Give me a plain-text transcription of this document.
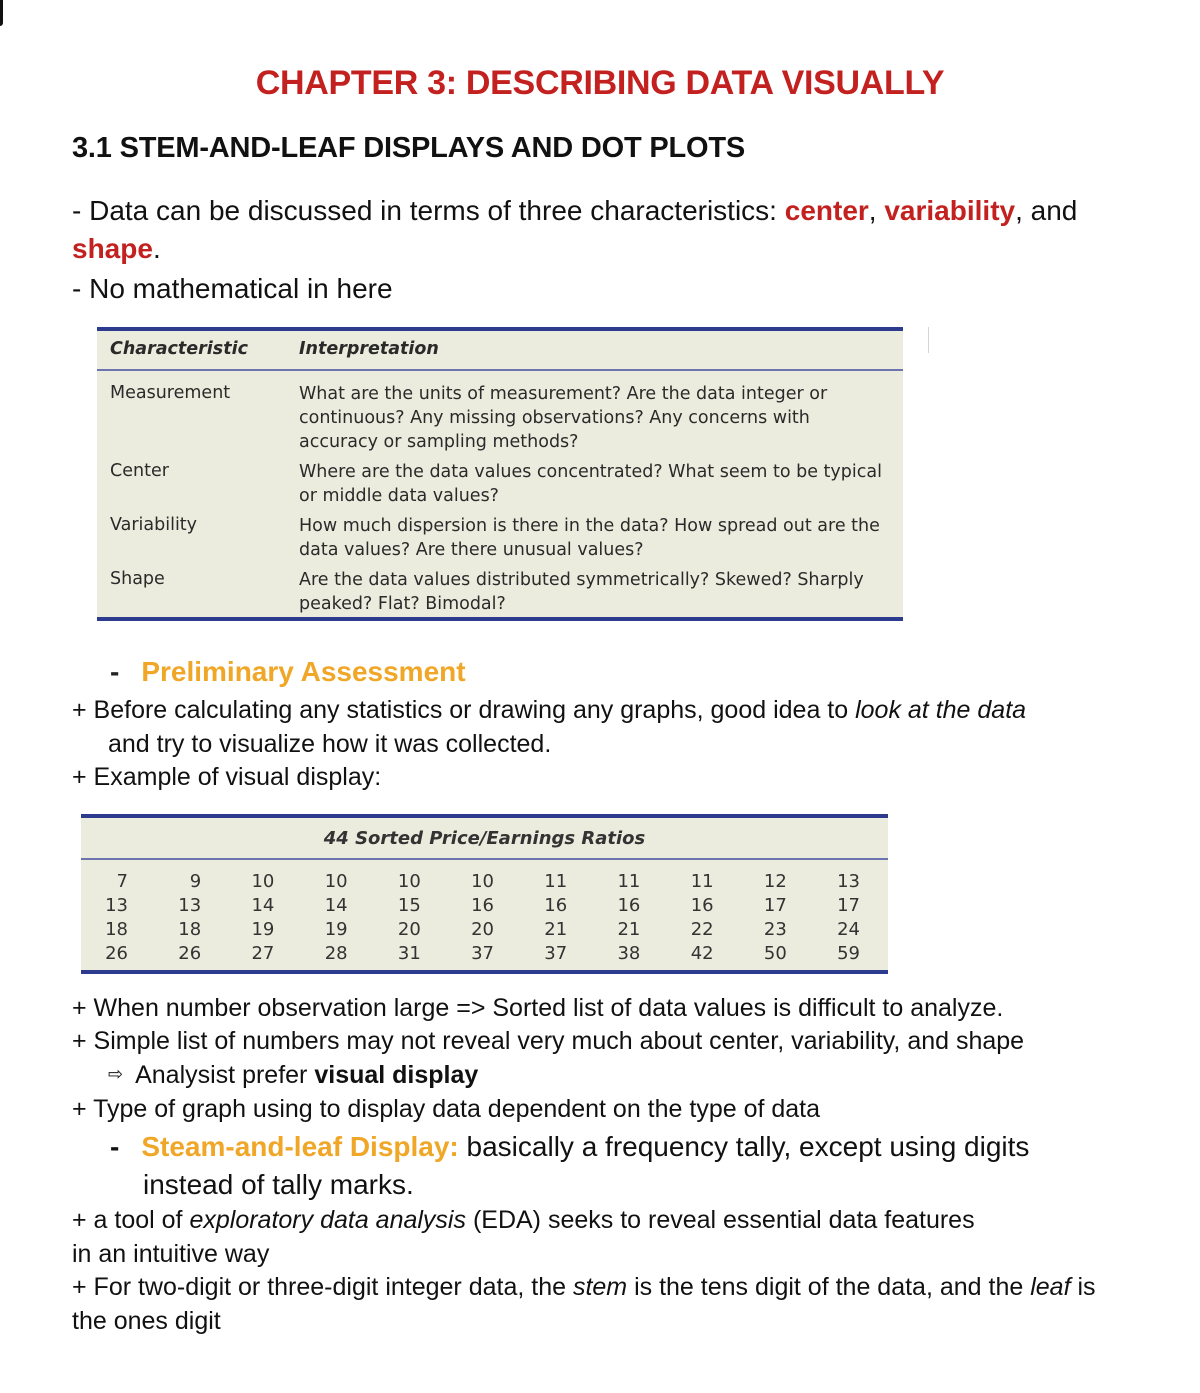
CHAPTER 3: DESCRIBING DATA VISUALLY
3.1 STEM-AND-LEAF DISPLAYS AND DOT PLOTS
- Data can be discussed in terms of three characteristics: center, variability, and shape.
- No mathematical in here
Characteristic	Interpretation
Measurement	What are the units of measurement? Are the data integer or continuous? Any missing observations? Any concerns with accuracy or sampling methods?
Center	Where are the data values concentrated? What seem to be typical or middle data values?
Variability	How much dispersion is there in the data? How spread out are the data values? Are there unusual values?
Shape	Are the data values distributed symmetrically? Skewed? Sharply peaked? Flat? Bimodal?
- Preliminary Assessment
+ Before calculating any statistics or drawing any graphs, good idea to look at the data
and try to visualize how it was collected.
+ Example of visual display:
44 Sorted Price/Earnings Ratios
7	9	10	10	10	10	11	11	11	12	13
13	13	14	14	15	16	16	16	16	17	17
18	18	19	19	20	20	21	21	22	23	24
26	26	27	28	31	37	37	38	42	50	59
+ When number observation large => Sorted list of data values is difficult to analyze.
+ Simple list of numbers may not reveal very much about center, variability, and shape
⇨ Analysist prefer visual display
+ Type of graph using to display data dependent on the type of data
- Steam-and-leaf Display: basically a frequency tally, except using digits
instead of tally marks.
+ a tool of exploratory data analysis (EDA) seeks to reveal essential data features
in an intuitive way
+ For two-digit or three-digit integer data, the stem is the tens digit of the data, and the leaf is
the ones digit
